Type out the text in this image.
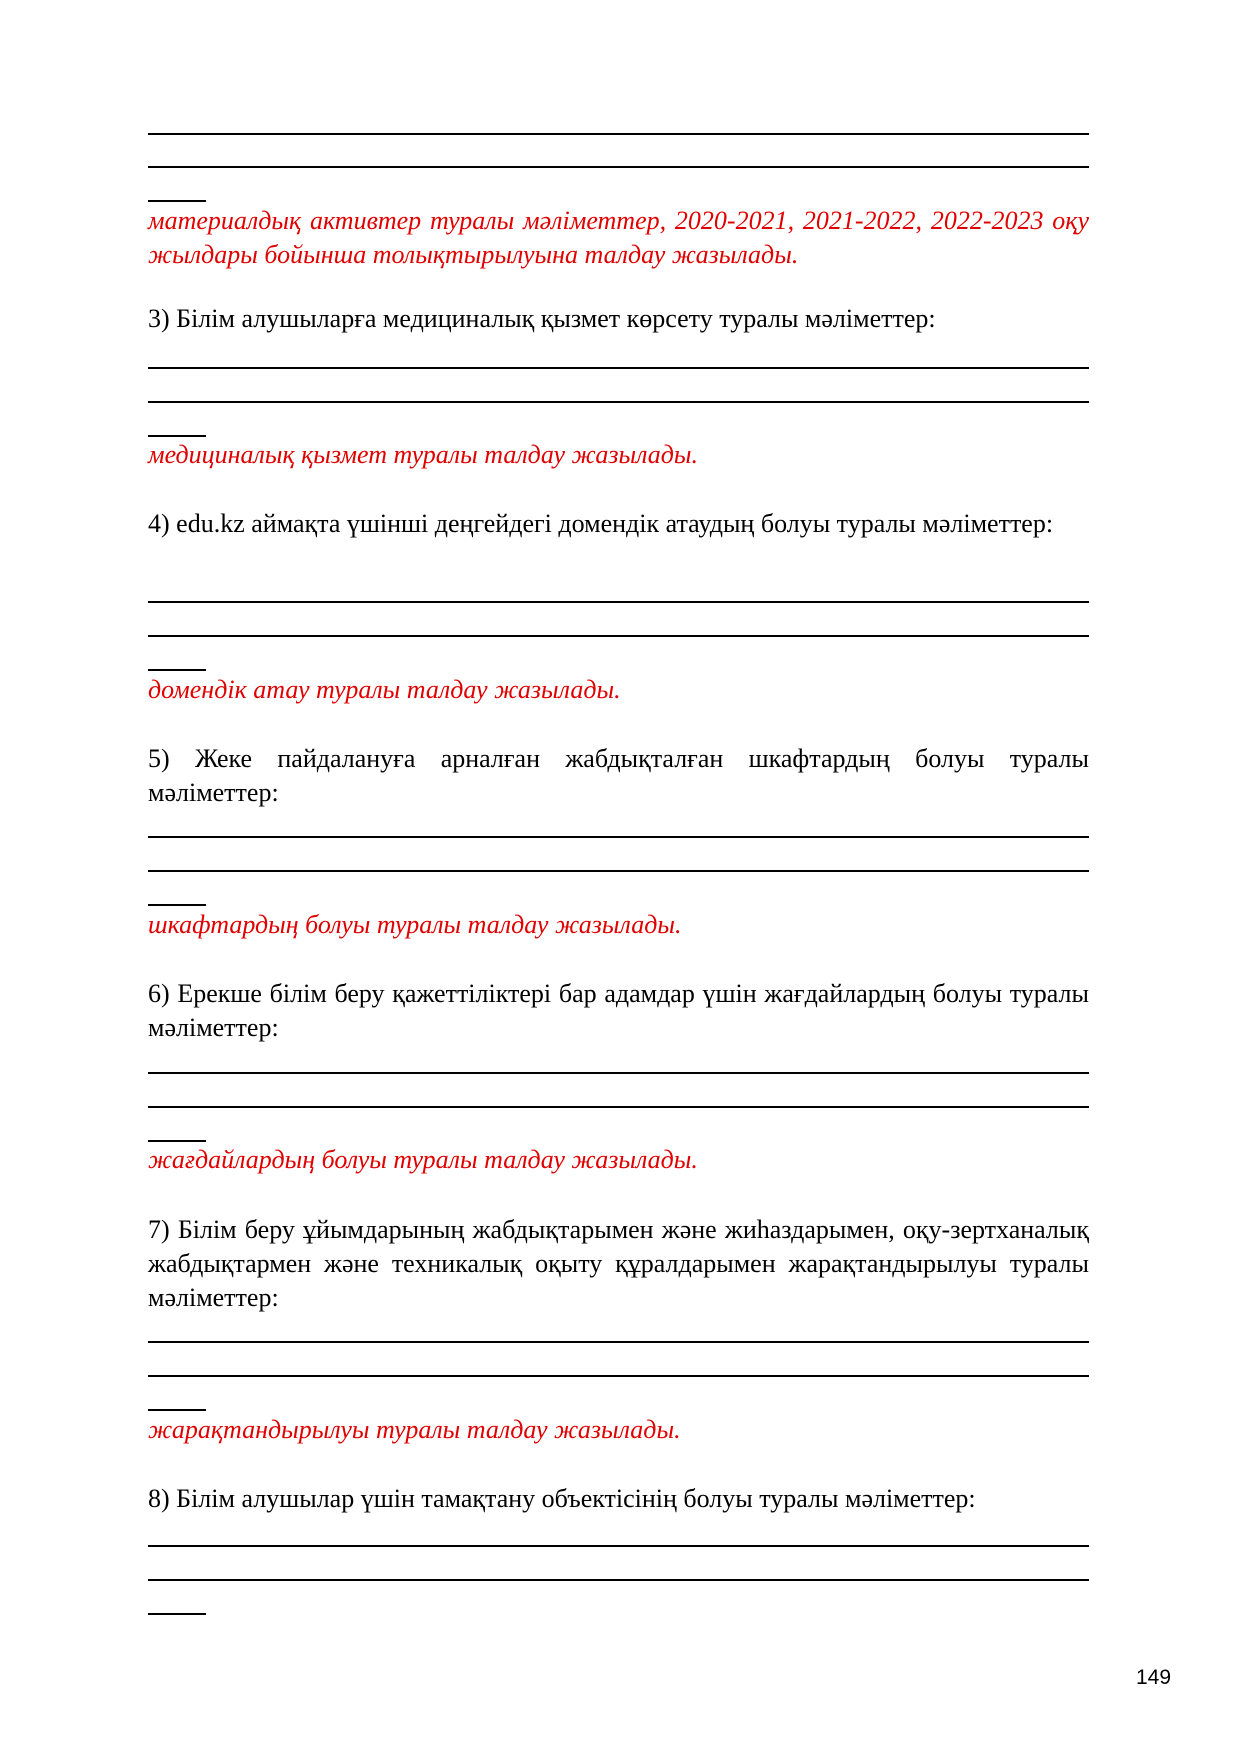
материалдық активтер туралы мәліметтер, 2020-2021, 2021-2022, 2022-2023 оқу жылдары бойынша толықтырылуына талдау жазылады.
3) Білім алушыларға медициналық қызмет көрсету туралы мәліметтер:
медициналық қызмет туралы талдау жазылады.
4) edu.kz аймақта үшінші деңгейдегі домендік атаудың болуы туралы мәліметтер:
домендік атау туралы талдау жазылады.
5) Жеке пайдалануға арналған жабдықталған шкафтардың болуы туралы мәліметтер:
шкафтардың болуы туралы талдау жазылады.
6) Ерекше білім беру қажеттіліктері бар адамдар үшін жағдайлардың болуы туралы мәліметтер:
жағдайлардың болуы туралы талдау жазылады.
7) Білім беру ұйымдарының жабдықтарымен және жиһаздарымен, оқу-зертханалық жабдықтармен және техникалық оқыту құралдарымен жарақтандырылуы туралы мәліметтер:
жарақтандырылуы туралы талдау жазылады.
8) Білім алушылар үшін тамақтану объектісінің болуы туралы мәліметтер:
149
